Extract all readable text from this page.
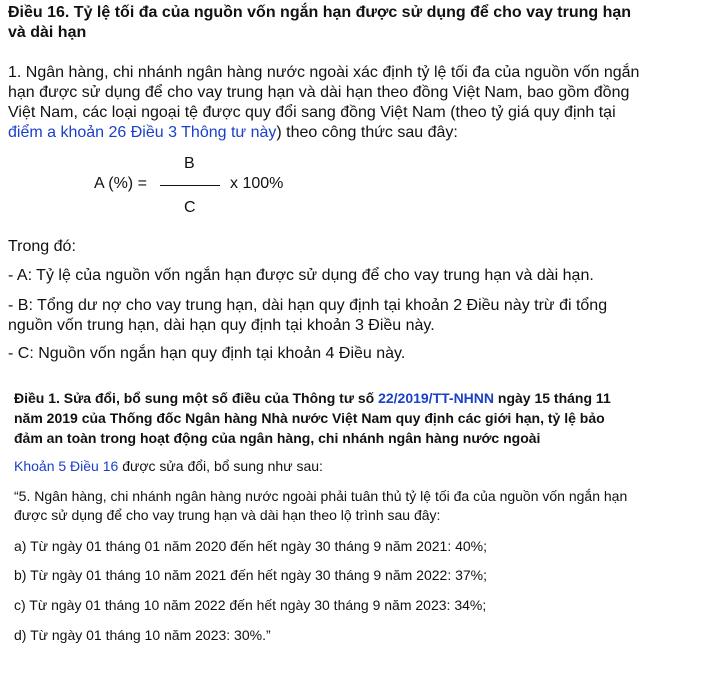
Điều 16. Tỷ lệ tối đa của nguồn vốn ngắn hạn được sử dụng để cho vay trung hạn
và dài hạn
1. Ngân hàng, chi nhánh ngân hàng nước ngoài xác định tỷ lệ tối đa của nguồn vốn ngắn
hạn được sử dụng để cho vay trung hạn và dài hạn theo đồng Việt Nam, bao gồm đồng
Việt Nam, các loại ngoại tệ được quy đổi sang đồng Việt Nam (theo tỷ giá quy định tại
điểm a khoản 26 Điều 3 Thông tư này) theo công thức sau đây:
A (%) =
B
C
x 100%
Trong đó:
- A: Tỷ lệ của nguồn vốn ngắn hạn được sử dụng để cho vay trung hạn và dài hạn.
- B: Tổng dư nợ cho vay trung hạn, dài hạn quy định tại khoản 2 Điều này trừ đi tổng
nguồn vốn trung hạn, dài hạn quy định tại khoản 3 Điều này.
- C: Nguồn vốn ngắn hạn quy định tại khoản 4 Điều này.
Điều 1. Sửa đổi, bổ sung một số điều của Thông tư số 22/2019/TT-NHNN ngày 15 tháng 11
năm 2019 của Thống đốc Ngân hàng Nhà nước Việt Nam quy định các giới hạn, tỷ lệ bảo
đảm an toàn trong hoạt động của ngân hàng, chi nhánh ngân hàng nước ngoài
Khoản 5 Điều 16 được sửa đổi, bổ sung như sau:
“5. Ngân hàng, chi nhánh ngân hàng nước ngoài phải tuân thủ tỷ lệ tối đa của nguồn vốn ngắn hạn
được sử dụng để cho vay trung hạn và dài hạn theo lộ trình sau đây:
a) Từ ngày 01 tháng 01 năm 2020 đến hết ngày 30 tháng 9 năm 2021: 40%;
b) Từ ngày 01 tháng 10 năm 2021 đến hết ngày 30 tháng 9 năm 2022: 37%;
c) Từ ngày 01 tháng 10 năm 2022 đến hết ngày 30 tháng 9 năm 2023: 34%;
d) Từ ngày 01 tháng 10 năm 2023: 30%.”
